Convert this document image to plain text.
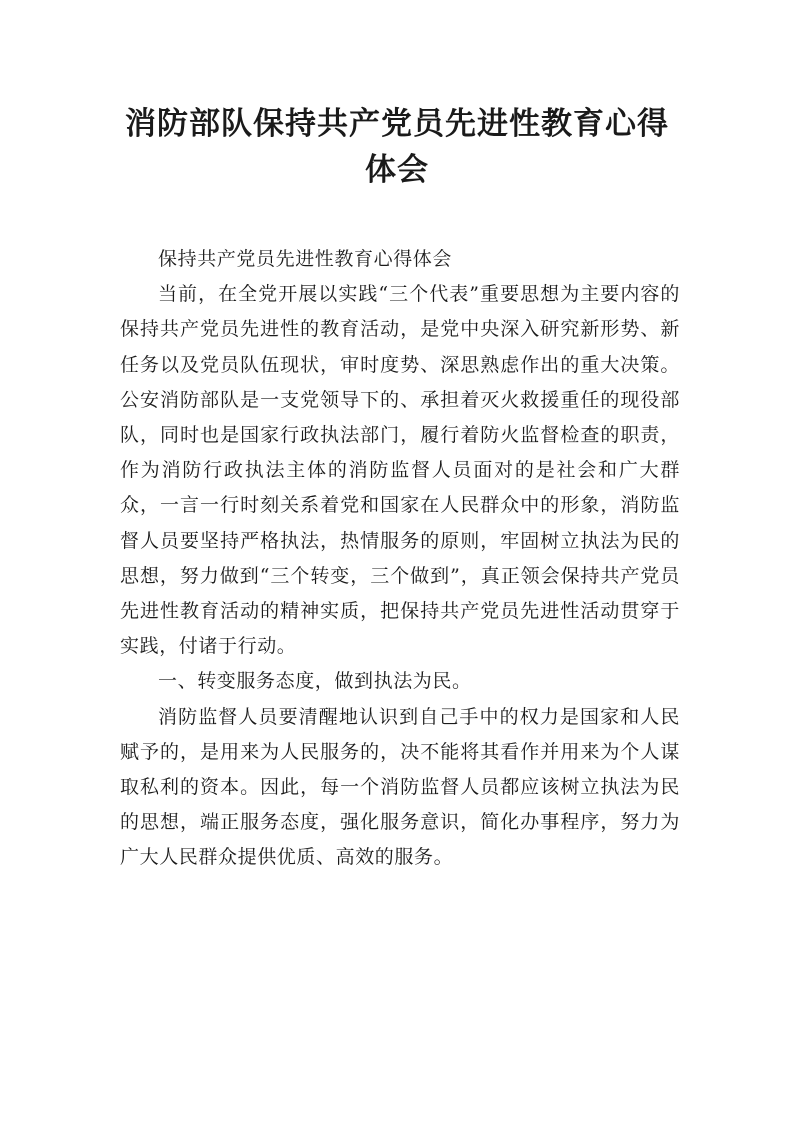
消防部队保持共产党员先进性教育心得体会

保持共产党员先进性教育心得体会

当前，在全党开展以实践“三个代表”重要思想为主要内容的保持共产党员先进性的教育活动，是党中央深入研究新形势、新任务以及党员队伍现状，审时度势、深思熟虑作出的重大决策。公安消防部队是一支党领导下的、承担着灭火救援重任的现役部队，同时也是国家行政执法部门，履行着防火监督检查的职责，作为消防行政执法主体的消防监督人员面对的是社会和广大群众，一言一行时刻关系着党和国家在人民群众中的形象，消防监督人员要坚持严格执法，热情服务的原则，牢固树立执法为民的思想，努力做到“三个转变，三个做到”，真正领会保持共产党员先进性教育活动的精神实质，把保持共产党员先进性活动贯穿于实践，付诸于行动。

一、转变服务态度，做到执法为民。

消防监督人员要清醒地认识到自己手中的权力是国家和人民赋予的，是用来为人民服务的，决不能将其看作并用来为个人谋取私利的资本。因此，每一个消防监督人员都应该树立执法为民的思想，端正服务态度，强化服务意识，简化办事程序，努力为广大人民群众提供优质、高效的服务。
